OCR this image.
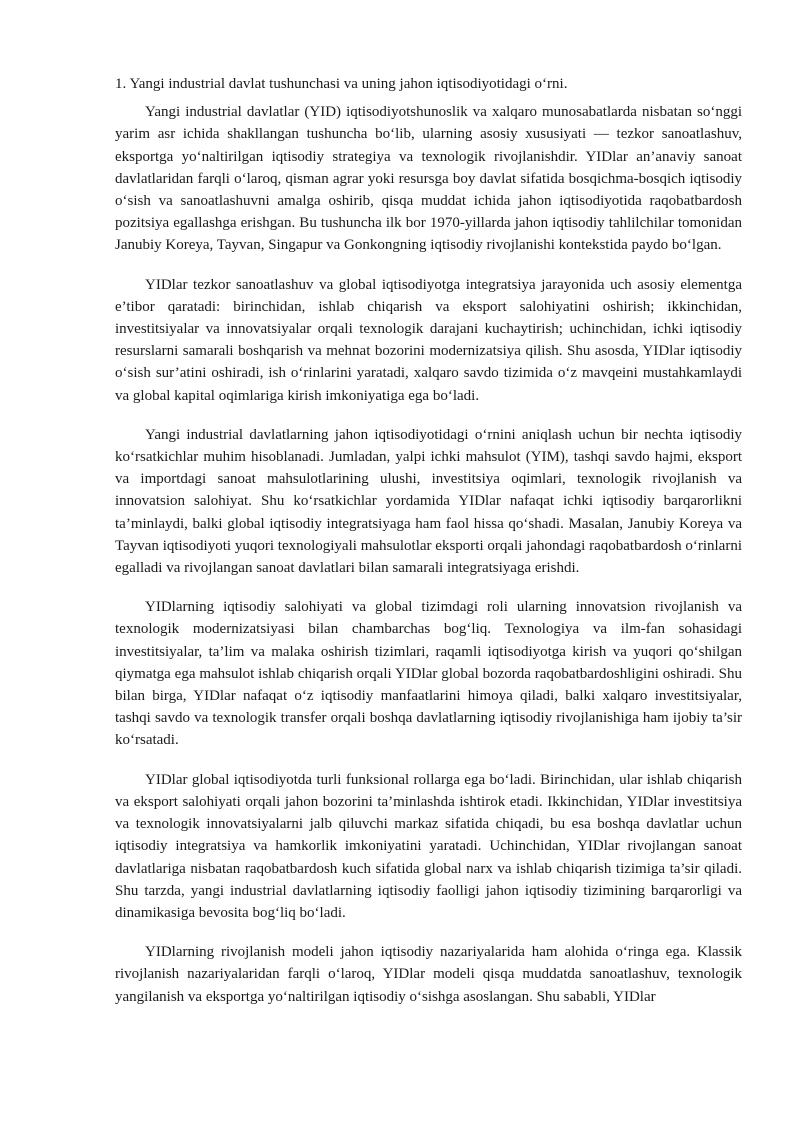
1. Yangi industrial davlat tushunchasi va uning jahon iqtisodiyotidagi o‘rni.

Yangi industrial davlatlar (YID) iqtisodiyotshunoslik va xalqaro munosabatlarda nisbatan so‘nggi yarim asr ichida shakllangan tushuncha bo‘lib, ularning asosiy xususiyati — tezkor sanoatlashuv, eksportga yo‘naltirilgan iqtisodiy strategiya va texnologik rivojlanishdir. YIDlar an’anaviy sanoat davlatlaridan farqli o‘laroq, qisman agrar yoki resursga boy davlat sifatida bosqichma-bosqich iqtisodiy o‘sish va sanoatlashuvni amalga oshirib, qisqa muddat ichida jahon iqtisodiyotida raqobatbardosh pozitsiya egallashga erishgan. Bu tushuncha ilk bor 1970-yillarda jahon iqtisodiy tahlilchilar tomonidan Janubiy Koreya, Tayvan, Singapur va Gonkongning iqtisodiy rivojlanishi kontekstida paydo bo‘lgan.

YIDlar tezkor sanoatlashuv va global iqtisodiyotga integratsiya jarayonida uch asosiy elementga e’tibor qaratadi: birinchidan, ishlab chiqarish va eksport salohiyatini oshirish; ikkinchidan, investitsiyalar va innovatsiyalar orqali texnologik darajani kuchaytirish; uchinchidan, ichki iqtisodiy resurslarni samarali boshqarish va mehnat bozorini modernizatsiya qilish. Shu asosda, YIDlar iqtisodiy o‘sish sur’atini oshiradi, ish o‘rinlarini yaratadi, xalqaro savdo tizimida o‘z mavqeini mustahkamlaydi va global kapital oqimlariga kirish imkoniyatiga ega bo‘ladi.

Yangi industrial davlatlarning jahon iqtisodiyotidagi o‘rnini aniqlash uchun bir nechta iqtisodiy ko‘rsatkichlar muhim hisoblanadi. Jumladan, yalpi ichki mahsulot (YIM), tashqi savdo hajmi, eksport va importdagi sanoat mahsulotlarining ulushi, investitsiya oqimlari, texnologik rivojlanish va innovatsion salohiyat. Shu ko‘rsatkichlar yordamida YIDlar nafaqat ichki iqtisodiy barqarorlikni ta’minlaydi, balki global iqtisodiy integratsiyaga ham faol hissa qo‘shadi. Masalan, Janubiy Koreya va Tayvan iqtisodiyoti yuqori texnologiyali mahsulotlar eksporti orqali jahondagi raqobatbardosh o‘rinlarni egalladi va rivojlangan sanoat davlatlari bilan samarali integratsiyaga erishdi.

YIDlarning iqtisodiy salohiyati va global tizimdagi roli ularning innovatsion rivojlanish va texnologik modernizatsiyasi bilan chambarchas bog‘liq. Texnologiya va ilm-fan sohasidagi investitsiyalar, ta’lim va malaka oshirish tizimlari, raqamli iqtisodiyotga kirish va yuqori qo‘shilgan qiymatga ega mahsulot ishlab chiqarish orqali YIDlar global bozorda raqobatbardoshligini oshiradi. Shu bilan birga, YIDlar nafaqat o‘z iqtisodiy manfaatlarini himoya qiladi, balki xalqaro investitsiyalar, tashqi savdo va texnologik transfer orqali boshqa davlatlarning iqtisodiy rivojlanishiga ham ijobiy ta’sir ko‘rsatadi.

YIDlar global iqtisodiyotda turli funksional rollarga ega bo‘ladi. Birinchidan, ular ishlab chiqarish va eksport salohiyati orqali jahon bozorini ta’minlashda ishtirok etadi. Ikkinchidan, YIDlar investitsiya va texnologik innovatsiyalarni jalb qiluvchi markaz sifatida chiqadi, bu esa boshqa davlatlar uchun iqtisodiy integratsiya va hamkorlik imkoniyatini yaratadi. Uchinchidan, YIDlar rivojlangan sanoat davlatlariga nisbatan raqobatbardosh kuch sifatida global narx va ishlab chiqarish tizimiga ta’sir qiladi. Shu tarzda, yangi industrial davlatlarning iqtisodiy faolligi jahon iqtisodiy tizimining barqarorligi va dinamikasiga bevosita bog‘liq bo‘ladi.

YIDlarning rivojlanish modeli jahon iqtisodiy nazariyalarida ham alohida o‘ringa ega. Klassik rivojlanish nazariyalaridan farqli o‘laroq, YIDlar modeli qisqa muddatda sanoatlashuv, texnologik yangilanish va eksportga yo‘naltirilgan iqtisodiy o‘sishga asoslangan. Shu sababli, YIDlar
